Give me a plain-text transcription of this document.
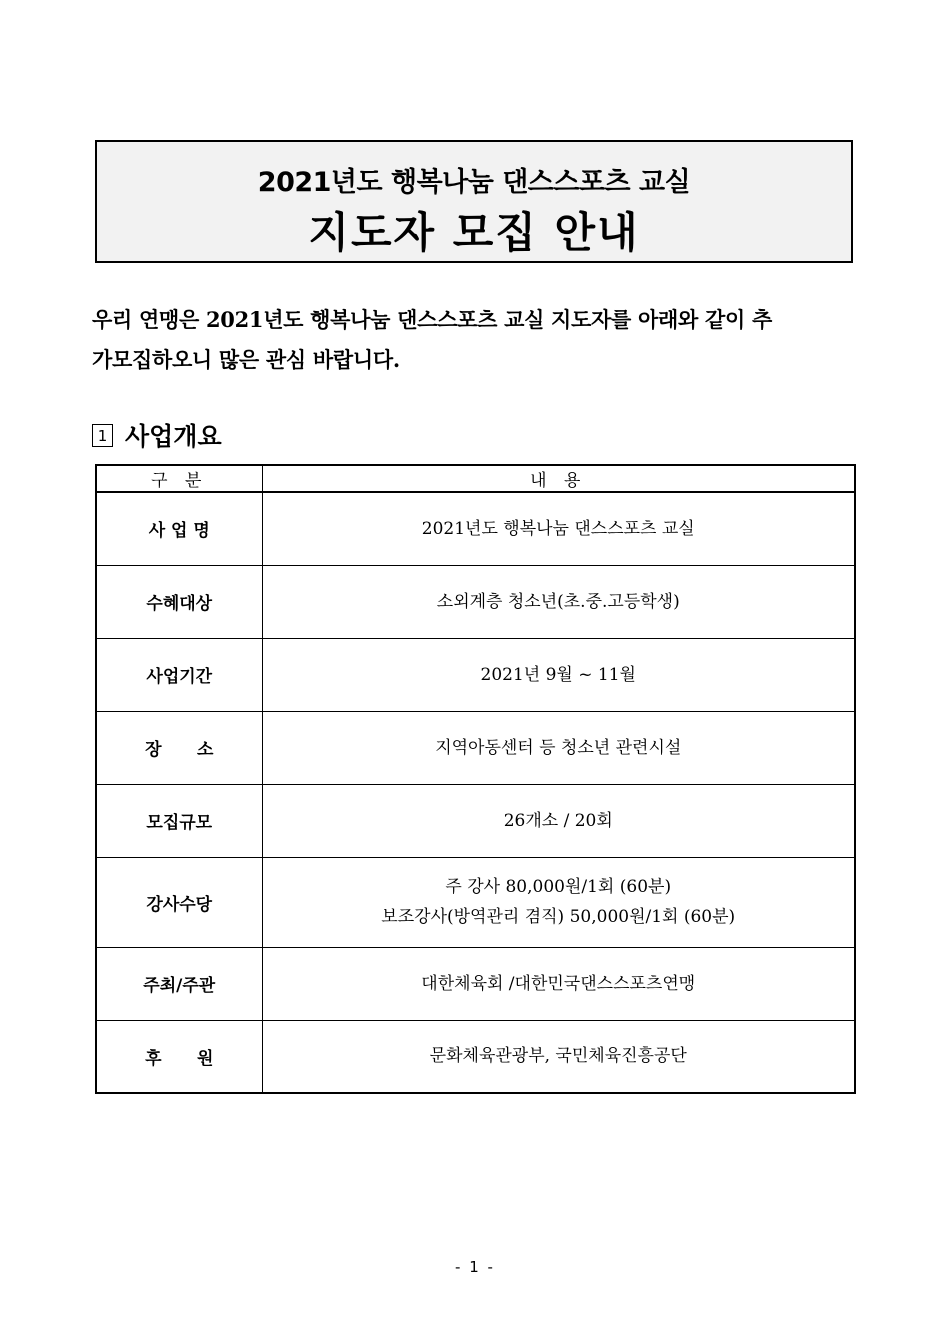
2021년도 행복나눔 댄스스포츠 교실
지도자 모집 안내
우리 연맹은 2021년도 행복나눔 댄스스포츠 교실 지도자를 아래와 같이 추
가모집하오니 많은 관심 바랍니다.
1 사업개요
구 분	내 용
사 업 명	2021년도 행복나눔 댄스스포츠 교실

수혜대상	소외계층 청소년(초.중.고등학생)

사업기간	2021년 9월 ~ 11월

장      소	지역아동센터 등 청소년 관련시설

모집규모	26개소 / 20회

강사수당	주 강사 80,000원/1회 (60분)
보조강사(방역관리 겸직) 50,000원/1회 (60분)

주최/주관	대한체육회 /대한민국댄스스포츠연맹

후      원	문화체육관광부, 국민체육진흥공단
- 1 -
